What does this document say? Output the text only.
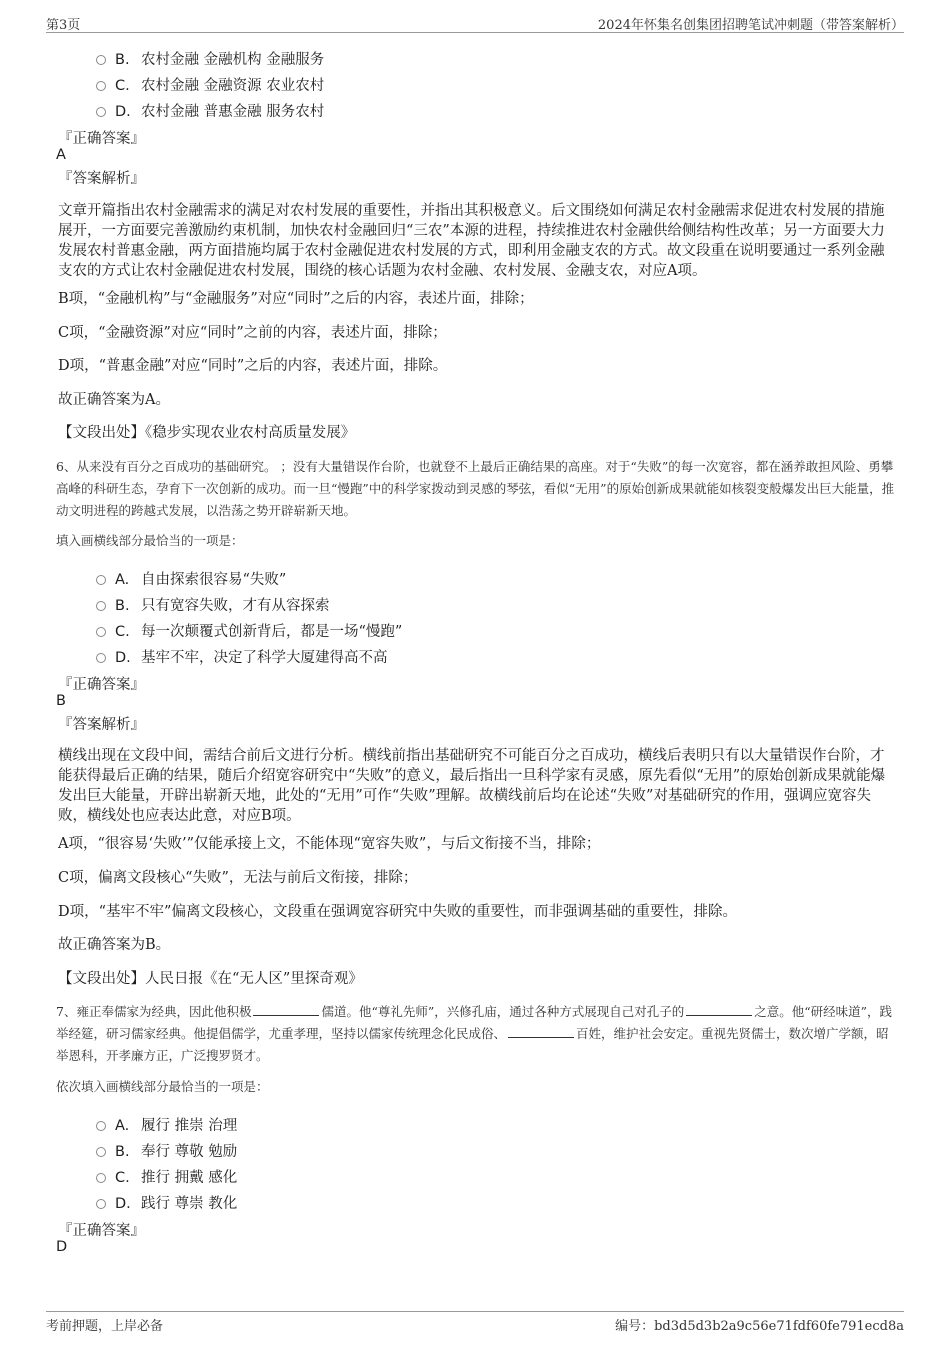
第3页	2024年怀集名创集团招聘笔试冲刺题（带答案解析）
B. 农村金融 金融机构 金融服务
C. 农村金融 金融资源 农业农村
D. 农村金融 普惠金融 服务农村
『正确答案』
A
『答案解析』
文章开篇指出农村金融需求的满足对农村发展的重要性，并指出其积极意义。后文围绕如何满足农村金融需求促进农村发展的措施展开，一方面要完善激励约束机制，加快农村金融回归“三农”本源的进程，持续推进农村金融供给侧结构性改革；另一方面要大力发展农村普惠金融，两方面措施均属于农村金融促进农村发展的方式，即利用金融支农的方式。故文段重在说明要通过一系列金融支农的方式让农村金融促进农村发展，围绕的核心话题为农村金融、农村发展、金融支农，对应A项。
B项，“金融机构”与“金融服务”对应“同时”之后的内容，表述片面，排除；
C项，“金融资源”对应“同时”之前的内容，表述片面，排除；
D项，“普惠金融”对应“同时”之后的内容，表述片面，排除。
故正确答案为A。
【文段出处】《稳步实现农业农村高质量发展》
6、从来没有百分之百成功的基础研究。 ；没有大量错误作台阶，也就登不上最后正确结果的高座。对于“失败”的每一次宽容，都在涵养敢担风险、勇攀高峰的科研生态，孕育下一次创新的成功。而一旦“慢跑”中的科学家拨动到灵感的琴弦，看似“无用”的原始创新成果就能如核裂变般爆发出巨大能量，推动文明进程的跨越式发展，以浩荡之势开辟崭新天地。
填入画横线部分最恰当的一项是：
A. 自由探索很容易“失败”
B. 只有宽容失败，才有从容探索
C. 每一次颠覆式创新背后，都是一场“慢跑”
D. 基牢不牢，决定了科学大厦建得高不高
『正确答案』
B
『答案解析』
横线出现在文段中间，需结合前后文进行分析。横线前指出基础研究不可能百分之百成功，横线后表明只有以大量错误作台阶，才能获得最后正确的结果，随后介绍宽容研究中“失败”的意义，最后指出一旦科学家有灵感，原先看似“无用”的原始创新成果就能爆发出巨大能量，开辟出崭新天地，此处的“无用”可作“失败”理解。故横线前后均在论述“失败”对基础研究的作用，强调应宽容失败，横线处也应表达此意，对应B项。
A项，“很容易‘失败’”仅能承接上文，不能体现“宽容失败”，与后文衔接不当，排除；
C项，偏离文段核心“失败”，无法与前后文衔接，排除；
D项，“基牢不牢”偏离文段核心，文段重在强调宽容研究中失败的重要性，而非强调基础的重要性，排除。
故正确答案为B。
【文段出处】人民日报《在“无人区”里探奇观》
7、雍正奉儒家为经典，因此他积极	儒道。他“尊礼先师”，兴修孔庙，通过各种方式展现自己对孔子的	之意。他“研经味道”，践举经筵，研习儒家经典。他提倡儒学，尤重孝理，坚持以儒家传统理念化民成俗、	百姓，维护社会安定。重视先贤儒士，数次增广学额，昭举恩科，开孝廉方正，广泛搜罗贤才。
依次填入画横线部分最恰当的一项是：
A. 履行 推崇 治理
B. 奉行 尊敬 勉励
C. 推行 拥戴 感化
D. 践行 尊崇 教化
『正确答案』
D
考前押题，上岸必备	编号：bd3d5d3b2a9c56e71fdf60fe791ecd8a
